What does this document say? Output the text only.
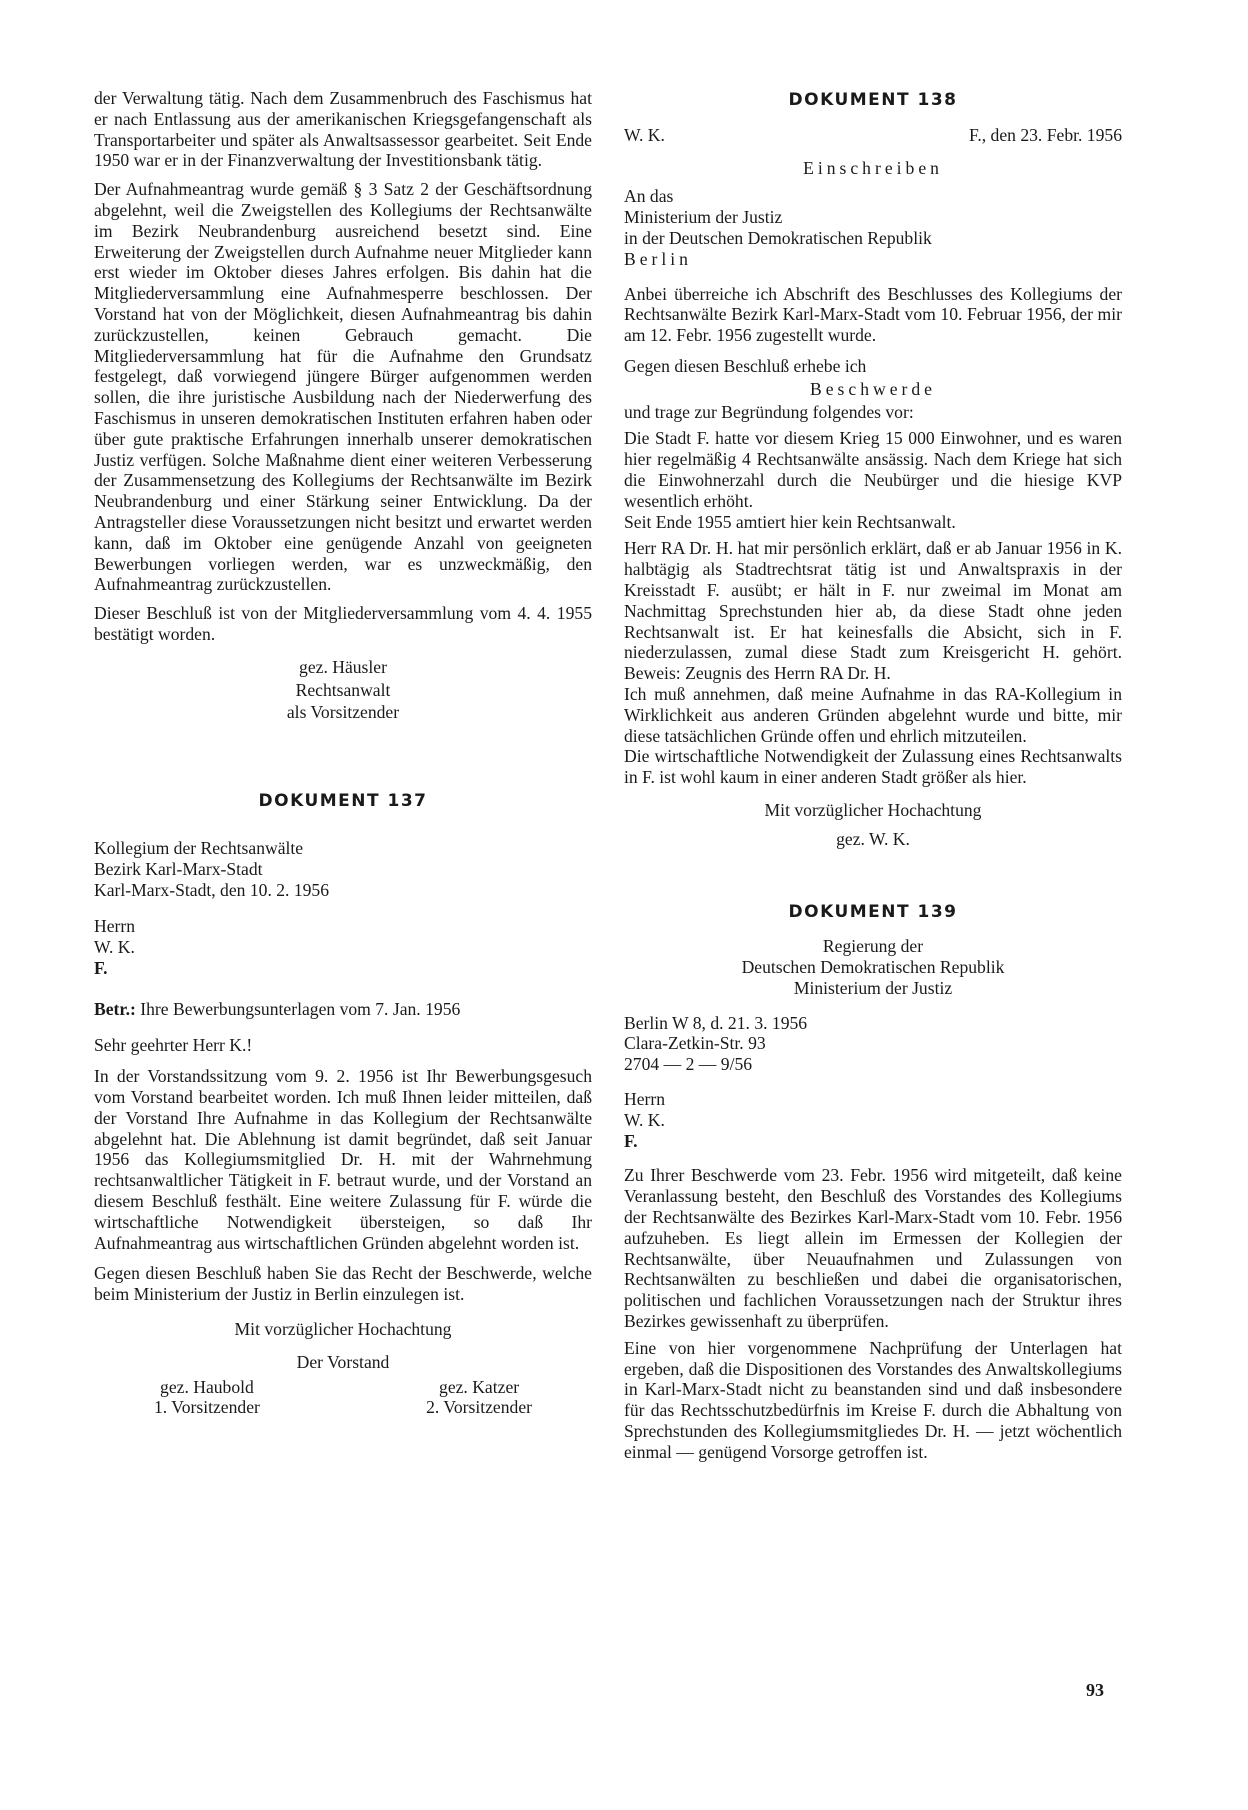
der Verwaltung tätig. Nach dem Zusammenbruch des Faschismus hat er nach Entlassung aus der amerikanischen Kriegsgefangenschaft als Transportarbeiter und später als Anwaltsassessor gearbeitet. Seit Ende 1950 war er in der Finanzverwaltung der Investitionsbank tätig.

Der Aufnahmeantrag wurde gemäß § 3 Satz 2 der Geschäftsordnung abgelehnt, weil die Zweigstellen des Kollegiums der Rechtsanwälte im Bezirk Neubrandenburg ausreichend besetzt sind. Eine Erweiterung der Zweigstellen durch Aufnahme neuer Mitglieder kann erst wieder im Oktober dieses Jahres erfolgen. Bis dahin hat die Mitgliederversammlung eine Aufnahmesperre beschlossen. Der Vorstand hat von der Möglichkeit, diesen Aufnahmeantrag bis dahin zurückzustellen, keinen Gebrauch gemacht. Die Mitgliederversammlung hat für die Aufnahme den Grundsatz festgelegt, daß vorwiegend jüngere Bürger aufgenommen werden sollen, die ihre juristische Ausbildung nach der Niederwerfung des Faschismus in unseren demokratischen Instituten erfahren haben oder über gute praktische Erfahrungen innerhalb unserer demokratischen Justiz verfügen. Solche Maßnahme dient einer weiteren Verbesserung der Zusammensetzung des Kollegiums der Rechtsanwälte im Bezirk Neubrandenburg und einer Stärkung seiner Entwicklung. Da der Antragsteller diese Voraussetzungen nicht besitzt und erwartet werden kann, daß im Oktober eine genügende Anzahl von geeigneten Bewerbungen vorliegen werden, war es unzweckmäßig, den Aufnahmeantrag zurückzustellen.

Dieser Beschluß ist von der Mitgliederversammlung vom 4. 4. 1955 bestätigt worden.

gez. Häusler
Rechtsanwalt
als Vorsitzender
DOKUMENT 137
Kollegium der Rechtsanwälte
Bezirk Karl-Marx-Stadt
Karl-Marx-Stadt, den 10. 2. 1956
Herrn
W. K.
F.
Betr.: Ihre Bewerbungsunterlagen vom 7. Jan. 1956

Sehr geehrter Herr K.!

In der Vorstandssitzung vom 9. 2. 1956 ist Ihr Bewerbungsgesuch vom Vorstand bearbeitet worden. Ich muß Ihnen leider mitteilen, daß der Vorstand Ihre Aufnahme in das Kollegium der Rechtsanwälte abgelehnt hat. Die Ablehnung ist damit begründet, daß seit Januar 1956 das Kollegiumsmitglied Dr. H. mit der Wahrnehmung rechtsanwaltlicher Tätigkeit in F. betraut wurde, und der Vorstand an diesem Beschluß festhält. Eine weitere Zulassung für F. würde die wirtschaftliche Notwendigkeit übersteigen, so daß Ihr Aufnahmeantrag aus wirtschaftlichen Gründen abgelehnt worden ist.

Gegen diesen Beschluß haben Sie das Recht der Beschwerde, welche beim Ministerium der Justiz in Berlin einzulegen ist.

Mit vorzüglicher Hochachtung
Der Vorstand
gez. Haubold
1. Vorsitzender
gez. Katzer
2. Vorsitzender
DOKUMENT 138
W. K.	F., den 23. Febr. 1956
Einschreiben
An das
Ministerium der Justiz
in der Deutschen Demokratischen Republik
Berlin

Anbei überreiche ich Abschrift des Beschlusses des Kollegiums der Rechtsanwälte Bezirk Karl-Marx-Stadt vom 10. Februar 1956, der mir am 12. Febr. 1956 zugestellt wurde.

Gegen diesen Beschluß erhebe ich

Beschwerde

und trage zur Begründung folgendes vor:

Die Stadt F. hatte vor diesem Krieg 15 000 Einwohner, und es waren hier regelmäßig 4 Rechtsanwälte ansässig. Nach dem Kriege hat sich die Einwohnerzahl durch die Neubürger und die hiesige KVP wesentlich erhöht.

Seit Ende 1955 amtiert hier kein Rechtsanwalt.

Herr RA Dr. H. hat mir persönlich erklärt, daß er ab Januar 1956 in K. halbtägig als Stadtrechtsrat tätig ist und Anwaltspraxis in der Kreisstadt F. ausübt; er hält in F. nur zweimal im Monat am Nachmittag Sprechstunden hier ab, da diese Stadt ohne jeden Rechtsanwalt ist. Er hat keinesfalls die Absicht, sich in F. niederzulassen, zumal diese Stadt zum Kreisgericht H. gehört. Beweis: Zeugnis des Herrn RA Dr. H.

Ich muß annehmen, daß meine Aufnahme in das RA-Kollegium in Wirklichkeit aus anderen Gründen abgelehnt wurde und bitte, mir diese tatsächlichen Gründe offen und ehrlich mitzuteilen.

Die wirtschaftliche Notwendigkeit der Zulassung eines Rechtsanwalts in F. ist wohl kaum in einer anderen Stadt größer als hier.

Mit vorzüglicher Hochachtung
gez. W. K.
DOKUMENT 139
Regierung der
Deutschen Demokratischen Republik
Ministerium der Justiz
Berlin W 8, d. 21. 3. 1956
Clara-Zetkin-Str. 93
2704 — 2 — 9/56
Herrn
W. K.
F.

Zu Ihrer Beschwerde vom 23. Febr. 1956 wird mitgeteilt, daß keine Veranlassung besteht, den Beschluß des Vorstandes des Kollegiums der Rechtsanwälte des Bezirkes Karl-Marx-Stadt vom 10. Febr. 1956 aufzuheben. Es liegt allein im Ermessen der Kollegien der Rechtsanwälte, über Neuaufnahmen und Zulassungen von Rechtsanwälten zu beschließen und dabei die organisatorischen, politischen und fachlichen Voraussetzungen nach der Struktur ihres Bezirkes gewissenhaft zu überprüfen.

Eine von hier vorgenommene Nachprüfung der Unterlagen hat ergeben, daß die Dispositionen des Vorstandes des Anwaltskollegiums in Karl-Marx-Stadt nicht zu beanstanden sind und daß insbesondere für das Rechtsschutzbedürfnis im Kreise F. durch die Abhaltung von Sprechstunden des Kollegiumsmitgliedes Dr. H. — jetzt wöchentlich einmal — genügend Vorsorge getroffen ist.

93
